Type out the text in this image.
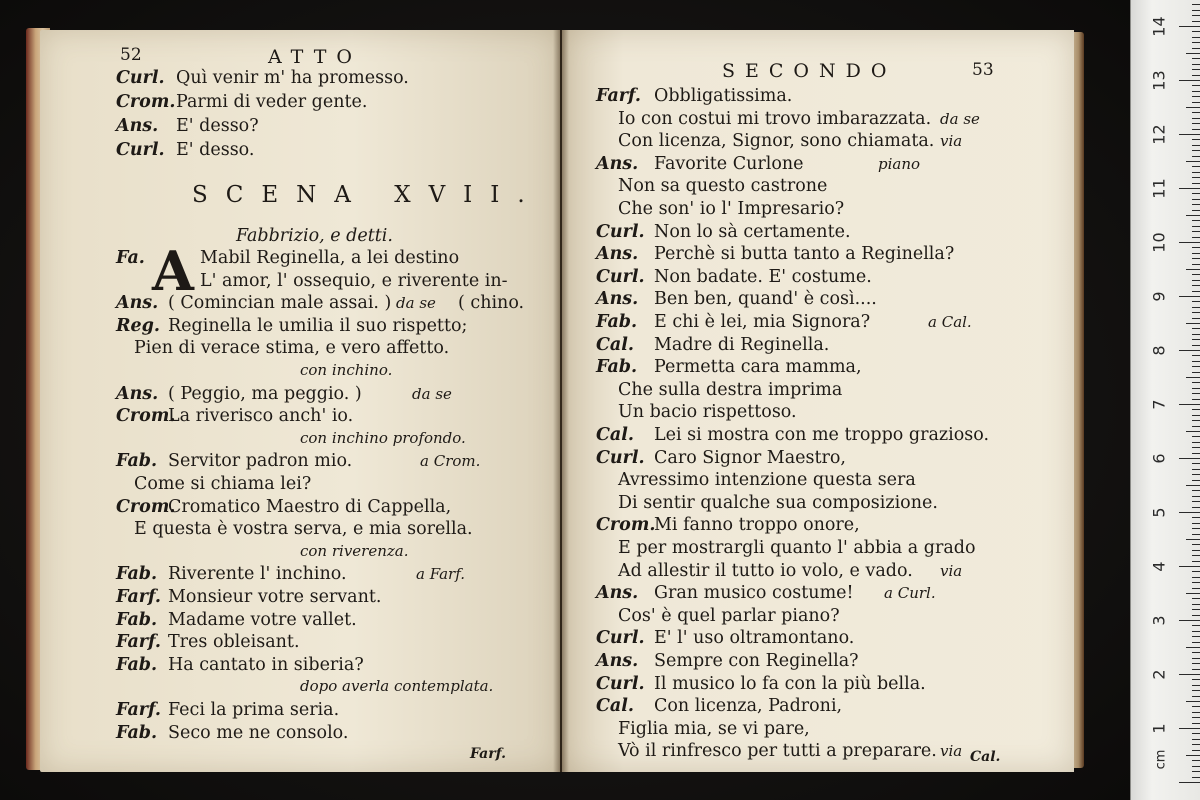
52	ATTO
Curl. Quì venir m' ha promesso.
Crom. Parmi di veder gente.
Ans. E' desso?
Curl. E' desso.
SCENA XVII.
Fabbrizio, e detti.
A
Fa.	Mabil Reginella, a lei destino
L' amor, l' ossequio, e riverente in-
Ans. ( Comincian male assai. ) da se ( chino.
Reg. Reginella le umilia il suo rispetto;
Pien di verace stima, e vero affetto.
con inchino.
Ans. ( Peggio, ma peggio. )	da se
Crom.
La riverisco anch' io.
con inchino profondo.
Fab. Servitor padron mio.	a Crom.
Come si chiama lei?
Crom.
Cromatico Maestro di Cappella,
E questa è vostra serva, e mia sorella.
con riverenza.
Fab. Riverente l' inchino.	a Farf.
Farf. Monsieur votre servant.
Fab. Madame votre vallet.
Farf. Tres obleisant.
Fab. Ha cantato in siberia?
dopo averla contemplata.
Farf. Feci la prima seria.
Fab. Seco me ne consolo.
Farf.
SECONDO	53
Farf. Obbligatissima.
Io con costui mi trovo imbarazzata. da se
Con licenza, Signor, sono chiamata. via
Ans. Favorite Curlone	piano
Non sa questo castrone
Che son' io l' Impresario?
Curl. Non lo sà certamente.
Ans. Perchè si butta tanto a Reginella?
Curl. Non badate. E' costume.
Ans. Ben ben, quand' è così....
Fab. E chi è lei, mia Signora?	a Cal.
Cal. Madre di Reginella.
Fab. Permetta cara mamma,
Che sulla destra imprima
Un bacio rispettoso.
Cal. Lei si mostra con me troppo grazioso.
Curl. Caro Signor Maestro,
Avressimo intenzione questa sera
Di sentir qualche sua composizione.
Crom.
Mi fanno troppo onore,
E per mostrargli quanto l' abbia a grado
Ad allestir il tutto io volo, e vado. via
Ans. Gran musico costume! a Curl.
Cos' è quel parlar piano?
Curl. E' l' uso oltramontano.
Ans. Sempre con Reginella?
Curl. Il musico lo fa con la più bella.
Cal. Con licenza, Padroni,
Figlia mia, se vi pare,
Vò il rinfresco per tutti a preparare. via Cal.	cm
1
2
3
4
5
6
7
8
9
10
11
12
13
14
